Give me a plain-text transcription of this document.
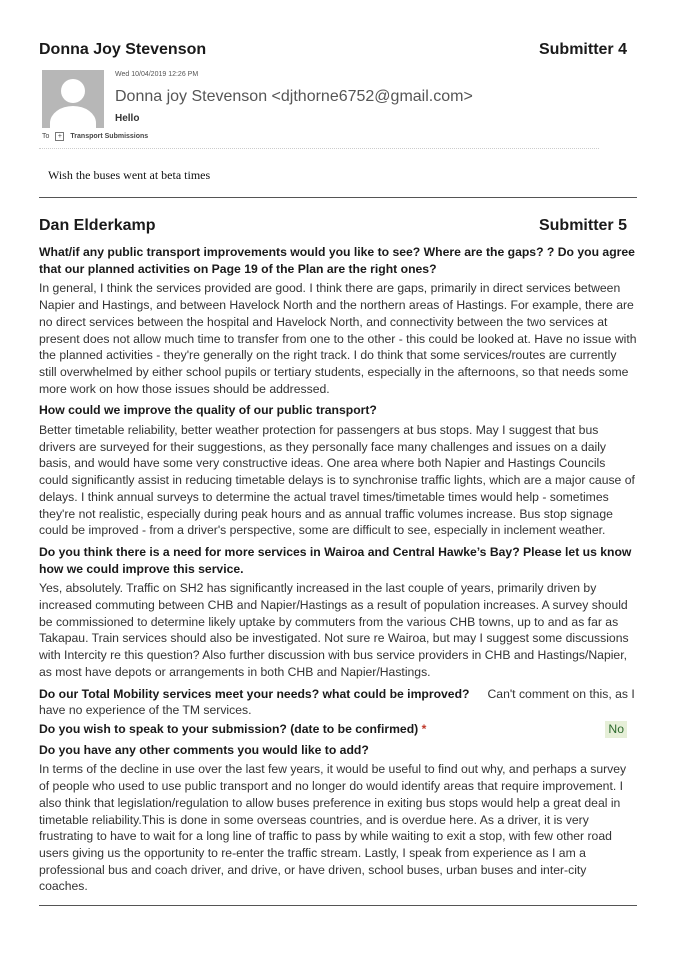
Donna Joy Stevenson	Submitter 4
Wed 10/04/2019 12:26 PM
Donna joy Stevenson <djthorne6752@gmail.com>
Hello
To	+	Transport Submissions
Wish the buses went at beta times
Dan Elderkamp	Submitter 5

What/if any public transport improvements would you like to see? Where are the gaps? ? Do you agree that our planned activities on Page 19 of the Plan are the right ones?

In general, I think the services provided are good. I think there are gaps, primarily in direct services between Napier and Hastings, and between Havelock North and the northern areas of Hastings. For example, there are no direct services between the hospital and Havelock North, and connectivity between the two services at present does not allow much time to transfer from one to the other - this could be looked at. Have no issue with the planned activities - they're generally on the right track. I do think that some services/routes are currently still overwhelmed by either school pupils or tertiary students, especially in the afternoons, so that needs some more work on how those issues should be addressed.

How could we improve the quality of our public transport?

Better timetable reliability, better weather protection for passengers at bus stops. May I suggest that bus drivers are surveyed for their suggestions, as they personally face many challenges and issues on a daily basis, and would have some very constructive ideas. One area where both Napier and Hastings Councils could significantly assist in reducing timetable delays is to synchronise traffic lights, which are a major cause of delays. I think annual surveys to determine the actual travel times/timetable times would help - sometimes they're not realistic, especially during peak hours and as annual traffic volumes increase. Bus stop signage could be improved - from a driver's perspective, some are difficult to see, especially in inclement weather.

Do you think there is a need for more services in Wairoa and Central Hawke’s Bay? Please let us know how we could improve this service.

Yes, absolutely. Traffic on SH2 has significantly increased in the last couple of years, primarily driven by increased commuting between CHB and Napier/Hastings as a result of population increases. A survey should be commissioned to determine likely uptake by commuters from the various CHB towns, up to and as far as Takapau. Train services should also be investigated. Not sure re Wairoa, but may I suggest some discussions with Intercity re this question? Also further discussion with bus service providers in CHB and Hastings/Napier, as most have depots or arrangements in both CHB and Napier/Hastings.

Do our Total Mobility services meet your needs? what could be improved? Can't comment on this, as I have no experience of the TM services.

Do you wish to speak to your submission? (date to be confirmed) *	No

Do you have any other comments you would like to add?

In terms of the decline in use over the last few years, it would be useful to find out why, and perhaps a survey of people who used to use public transport and no longer do would identify areas that require improvement. I also think that legislation/regulation to allow buses preference in exiting bus stops would help a great deal in timetable reliability.This is done in some overseas countries, and is overdue here. As a driver, it is very frustrating to have to wait for a long line of traffic to pass by while waiting to exit a stop, with few other road users giving us the opportunity to re-enter the traffic stream. Lastly, I speak from experience as I am a professional bus and coach driver, and drive, or have driven, school buses, urban buses and inter-city coaches.
